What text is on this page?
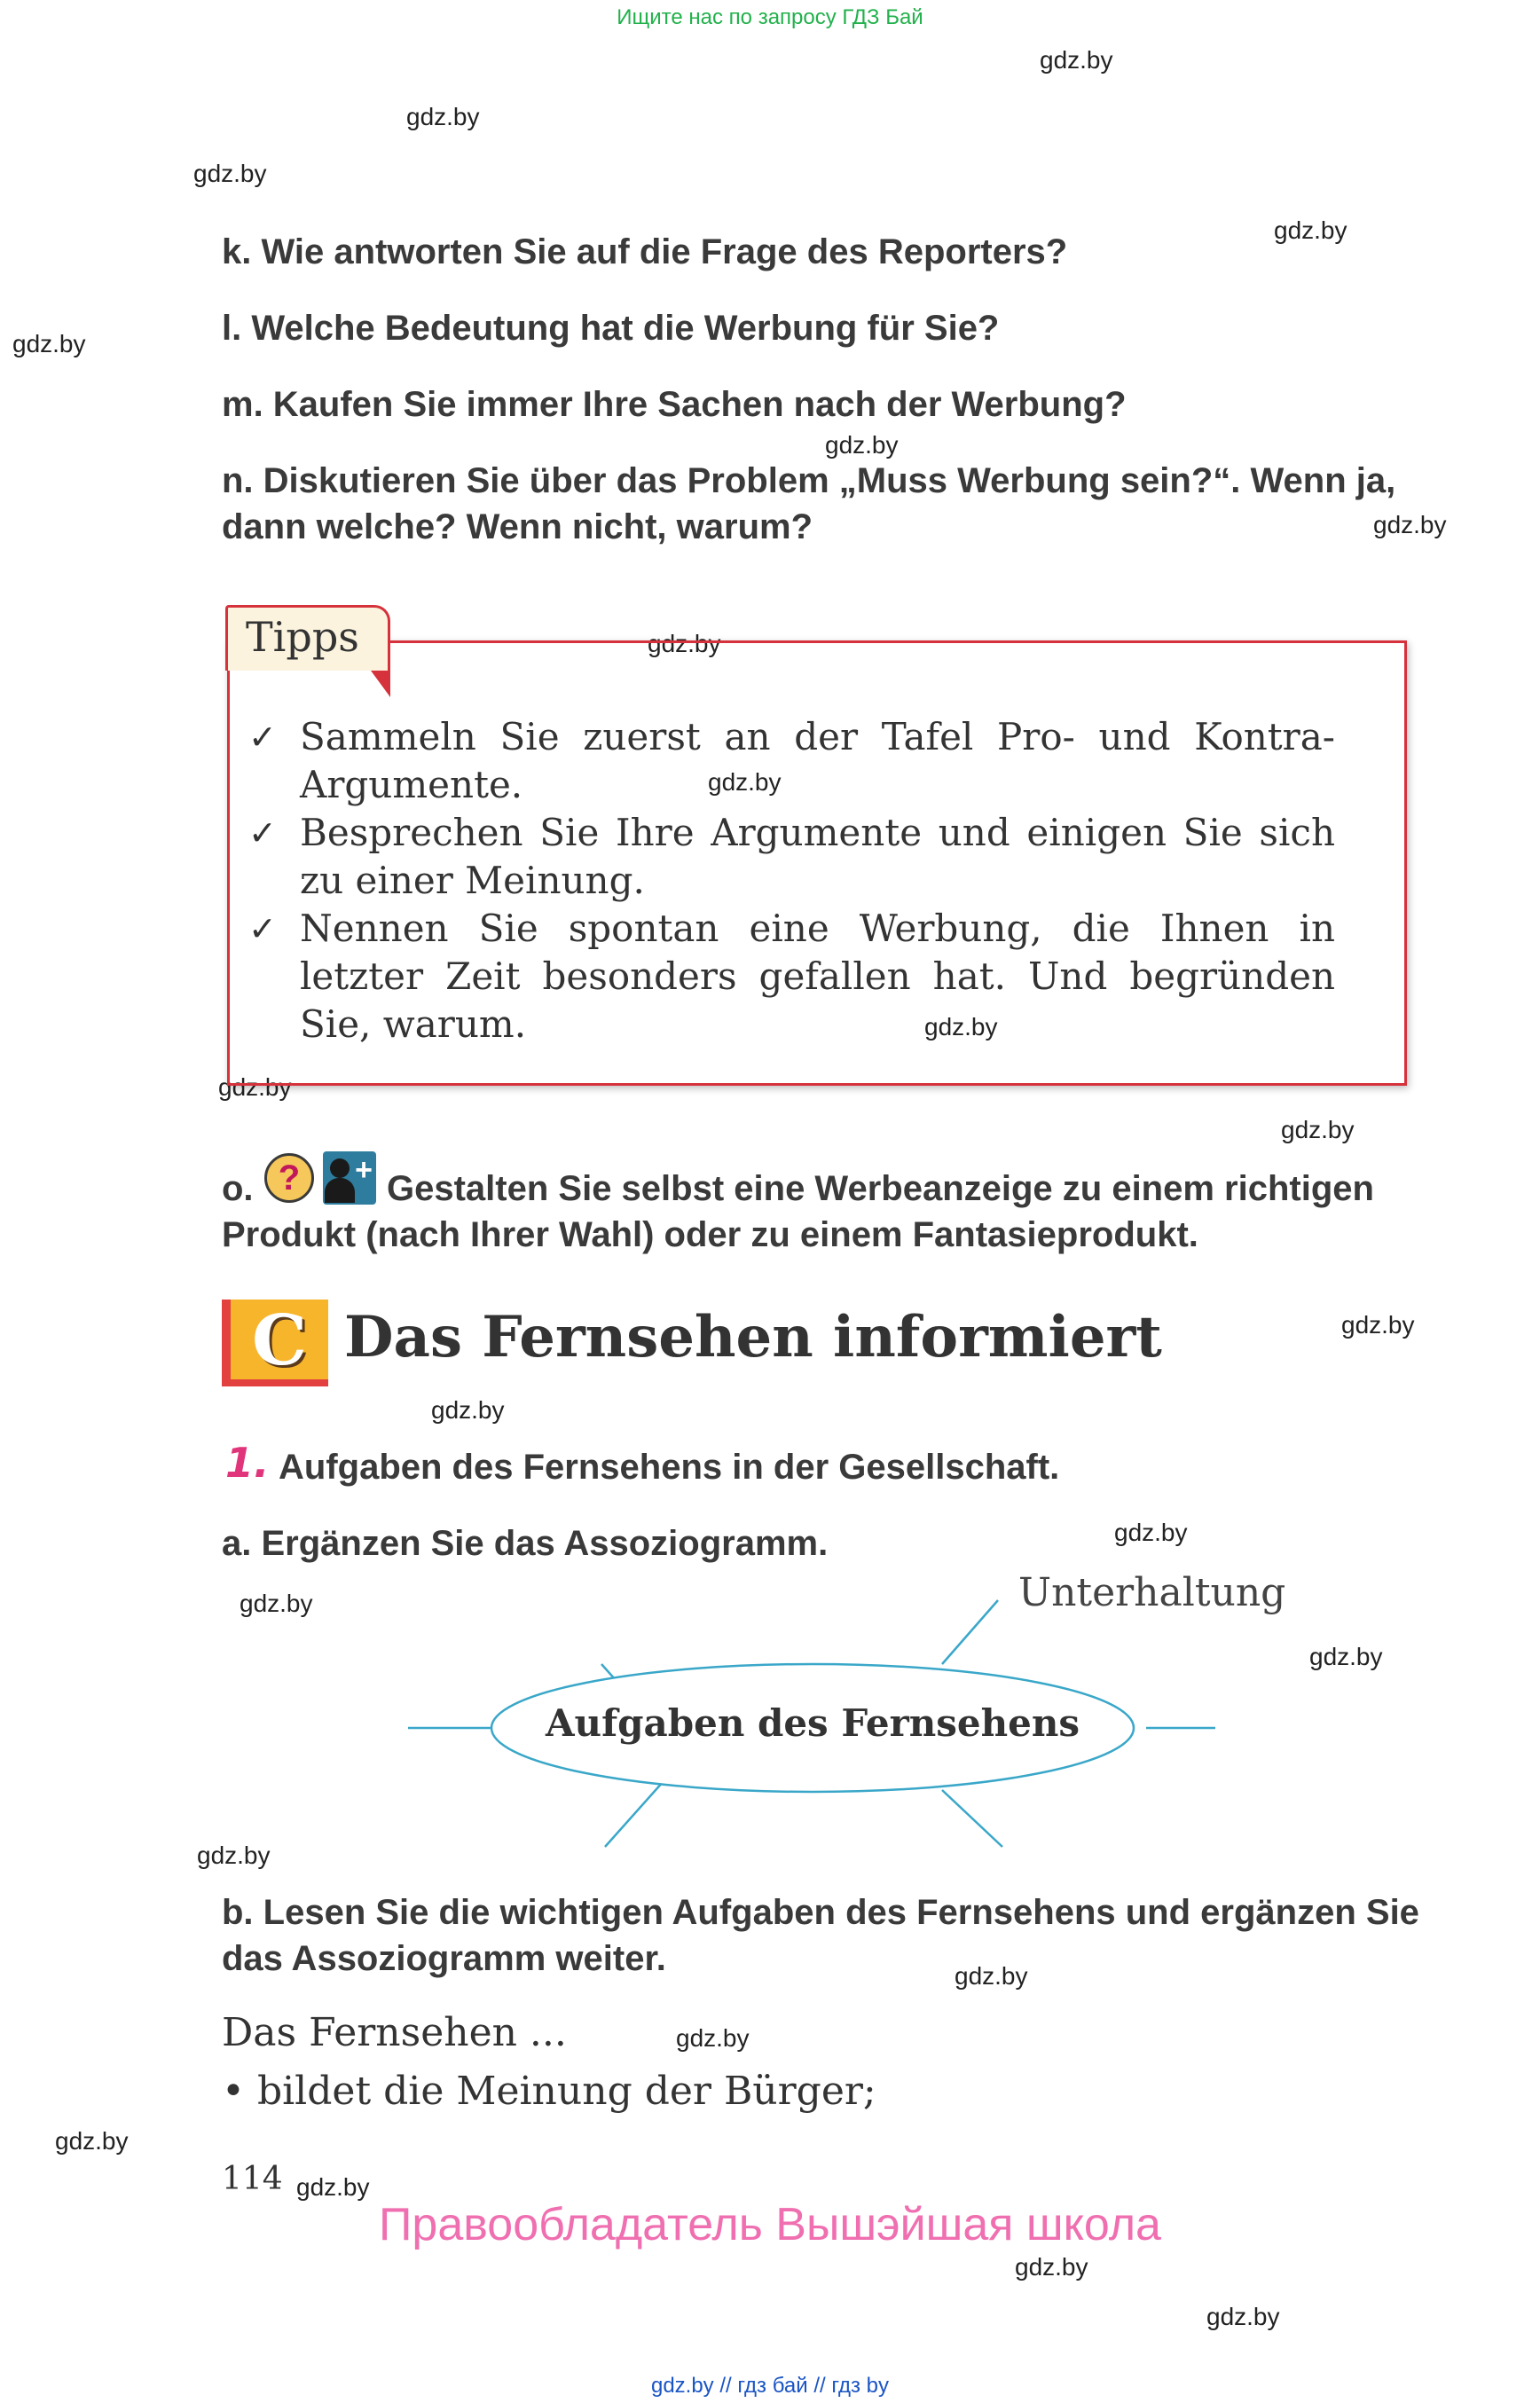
Ищите нас по запросу ГДЗ Бай
gdz.by
gdz.by
gdz.by
gdz.by
gdz.by
gdz.by
gdz.by
gdz.by
gdz.by
gdz.by
gdz.by
gdz.by
gdz.by
gdz.by
gdz.by
gdz.by
gdz.by
gdz.by
gdz.by
gdz.by
gdz.by
gdz.by
gdz.by
gdz.by
k. Wie antworten Sie auf die Frage des Reporters?
l. Welche Bedeutung hat die Werbung für Sie?
m. Kaufen Sie immer Ihre Sachen nach der Werbung?
n. Diskutieren Sie über das Problem „Muss Werbung sein?“. Wenn ja, dann welche? Wenn nicht, warum?
Tipps
✓ Sammeln Sie zuerst an der Tafel Pro- und Kontra-Argumente.
✓ Besprechen Sie Ihre Argumente und einigen Sie sich zu einer Meinung.
✓ Nennen Sie spontan eine Werbung, die Ihnen in letzter Zeit besonders gefallen hat. Und begründen Sie, warum.
o. ?	+ Gestalten Sie selbst eine Werbeanzeige zu einem richtigen Produkt (nach Ihrer Wahl) oder zu einem Fantasieprodukt.
C Das Fernsehen informiert
1. Aufgaben des Fernsehens in der Gesellschaft.
a. Ergänzen Sie das Assoziogramm.
Aufgaben des Fernsehens
Unterhaltung
b. Lesen Sie die wichtigen Aufgaben des Fernsehens und ergänzen Sie das Assoziogramm weiter.
Das Fernsehen ...
• bildet die Meinung der Bürger;
114
Правообладатель Вышэйшая школа
gdz.by // гдз бай // гдз by
